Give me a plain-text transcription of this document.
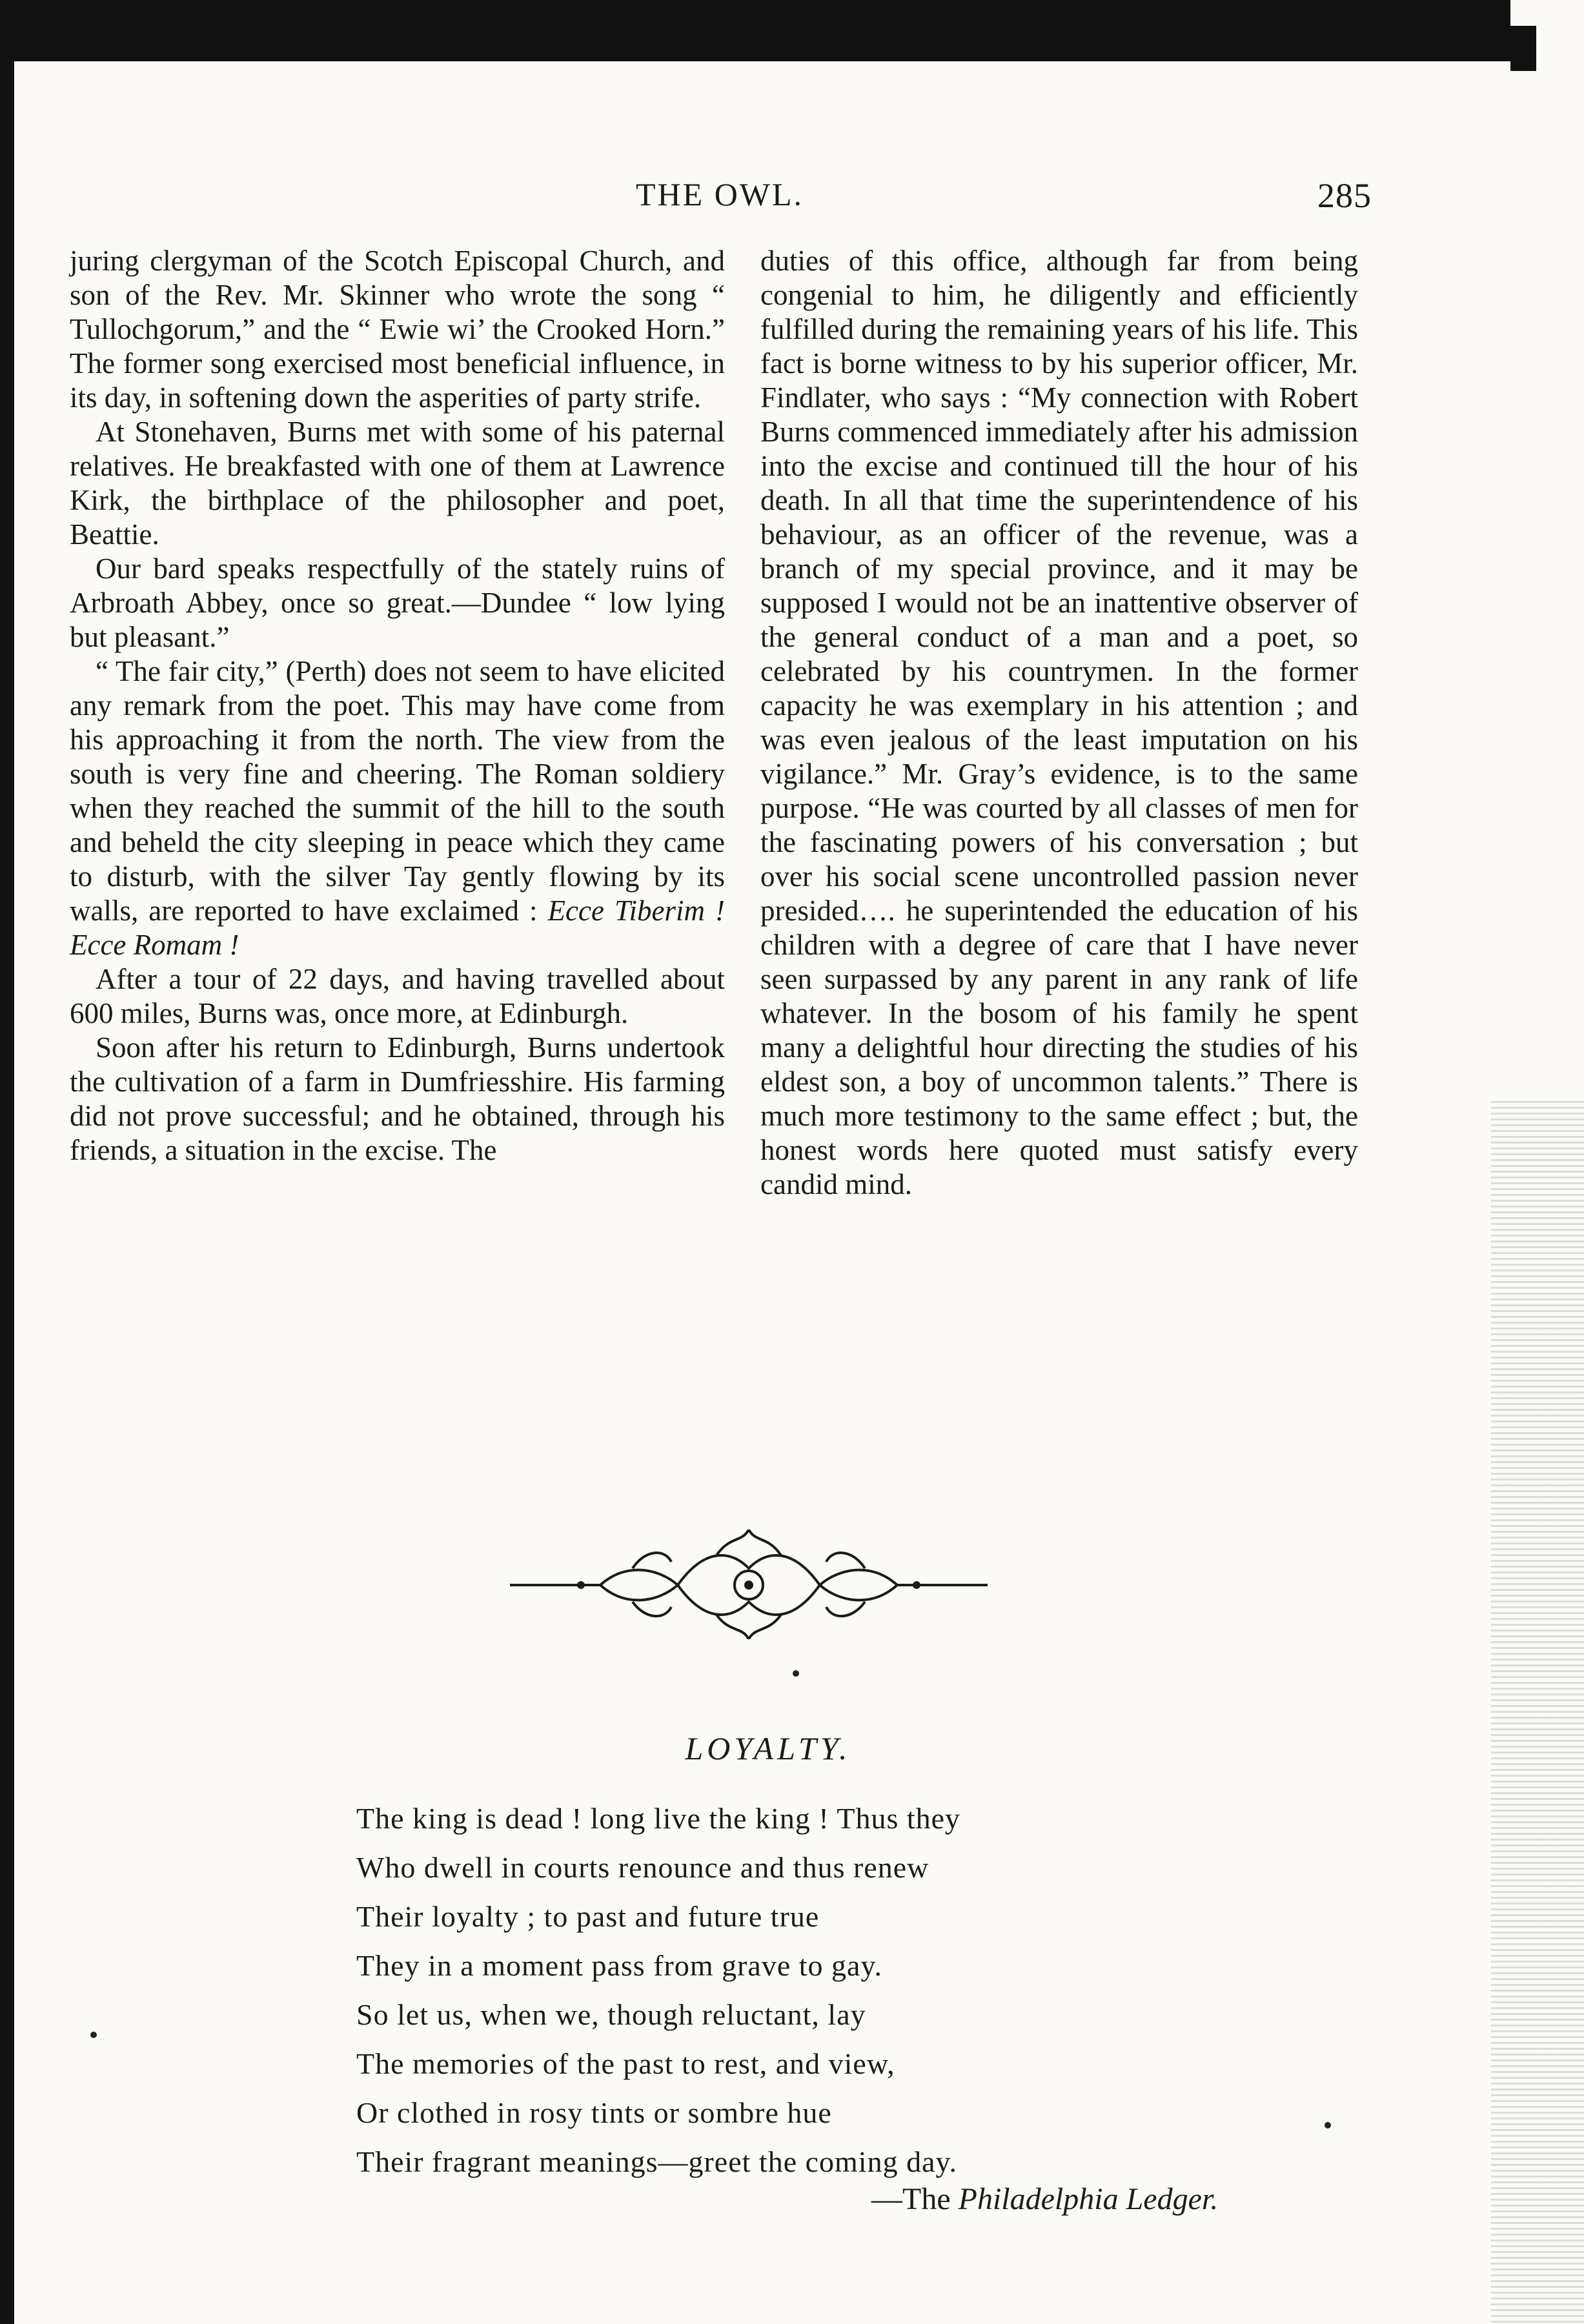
THE OWL.	285

juring clergyman of the Scotch Episcopal Church, and son of the Rev. Mr. Skinner who wrote the song “ Tullochgorum,” and the “ Ewie wi’ the Crooked Horn.” The former song exercised most beneficial influence, in its day, in softening down the asperities of party strife.

At Stonehaven, Burns met with some of his paternal relatives. He breakfasted with one of them at Lawrence Kirk, the birthplace of the philosopher and poet, Beattie.

Our bard speaks respectfully of the stately ruins of Arbroath Abbey, once so great.—Dundee “ low lying but pleasant.”

“ The fair city,” (Perth) does not seem to have elicited any remark from the poet. This may have come from his approaching it from the north. The view from the south is very fine and cheering. The Roman soldiery when they reached the summit of the hill to the south and beheld the city sleeping in peace which they came to disturb, with the silver Tay gently flowing by its walls, are reported to have exclaimed : Ecce Tiberim ! Ecce Romam !

After a tour of 22 days, and having travelled about 600 miles, Burns was, once more, at Edinburgh.

Soon after his return to Edinburgh, Burns undertook the cultivation of a farm in Dumfriesshire. His farming did not prove successful; and he obtained, through his friends, a situation in the excise. The

duties of this office, although far from being congenial to him, he diligently and efficiently fulfilled during the remaining years of his life. This fact is borne witness to by his superior officer, Mr. Findlater, who says : “My connection with Robert Burns commenced immediately after his admission into the excise and continued till the hour of his death. In all that time the superintendence of his behaviour, as an officer of the revenue, was a branch of my special province, and it may be supposed I would not be an inattentive observer of the general conduct of a man and a poet, so celebrated by his countrymen. In the former capacity he was exemplary in his attention ; and was even jealous of the least imputation on his vigilance.” Mr. Gray’s evidence, is to the same purpose. “He was courted by all classes of men for the fascinating powers of his conversation ; but over his social scene uncontrolled passion never presided…. he superintended the education of his children with a degree of care that I have never seen surpassed by any parent in any rank of life whatever. In the bosom of his family he spent many a delightful hour directing the studies of his eldest son, a boy of uncommon talents.” There is much more testimony to the same effect ; but, the honest words here quoted must satisfy every candid mind.

LOYALTY.
The king is dead ! long live the king ! Thus they
Who dwell in courts renounce and thus renew
Their loyalty ; to past and future true
They in a moment pass from grave to gay.
So let us, when we, though reluctant, lay
The memories of the past to rest, and view,
Or clothed in rosy tints or sombre hue
Their fragrant meanings—greet the coming day.
—The Philadelphia Ledger.
